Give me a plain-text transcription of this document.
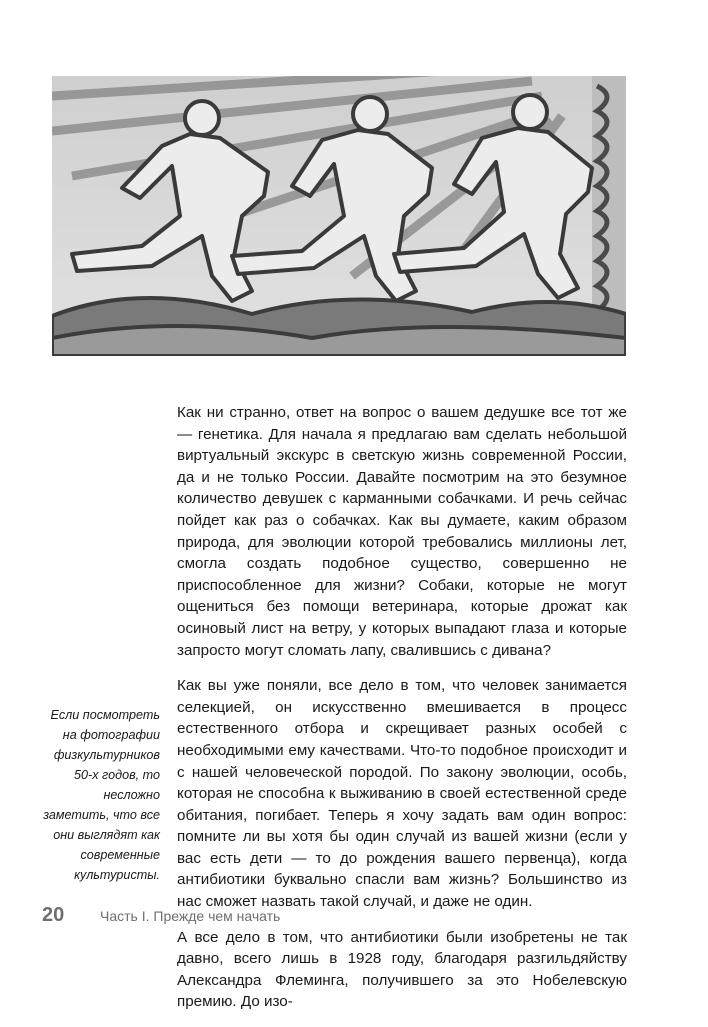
Как ни странно, ответ на вопрос о вашем дедушке все тот же — генетика. Для начала я предлагаю вам сделать небольшой виртуальный экскурс в светскую жизнь современной России, да и не только России. Давайте посмотрим на это безумное количество девушек с карманными собачками. И речь сейчас пойдет как раз о собачках. Как вы думаете, каким образом природа, для эволюции которой требовались миллионы лет, смогла создать подобное существо, совершенно не приспособленное для жизни? Собаки, которые не могут ощениться без помощи ветеринара, которые дрожат как осиновый лист на ветру, у которых выпадают глаза и которые запросто могут сломать лапу, свалившись с дивана?

Как вы уже поняли, все дело в том, что человек занимается селекцией, он искусственно вмешивается в процесс естественного отбора и скрещивает разных особей с необходимыми ему качествами. Что-то подобное происходит и с нашей человеческой породой. По закону эволюции, особь, которая не способна к выживанию в своей естественной среде обитания, погибает. Теперь я хочу задать вам один вопрос: помните ли вы хотя бы один случай из вашей жизни (если у вас есть дети — то до рождения вашего первенца), когда антибиотики буквально спасли вам жизнь? Большинство из нас сможет назвать такой случай, и даже не один.

А все дело в том, что антибиотики были изобретены не так давно, всего лишь в 1928 году, благодаря разгильдяйству Александра Флеминга, получившего за это Нобелевскую премию. До изо-

Если посмотреть на фотографии физкультурников 50-х годов, то несложно заметить, что все они выглядят как современные культуристы.
20	Часть I. Прежде чем начать
